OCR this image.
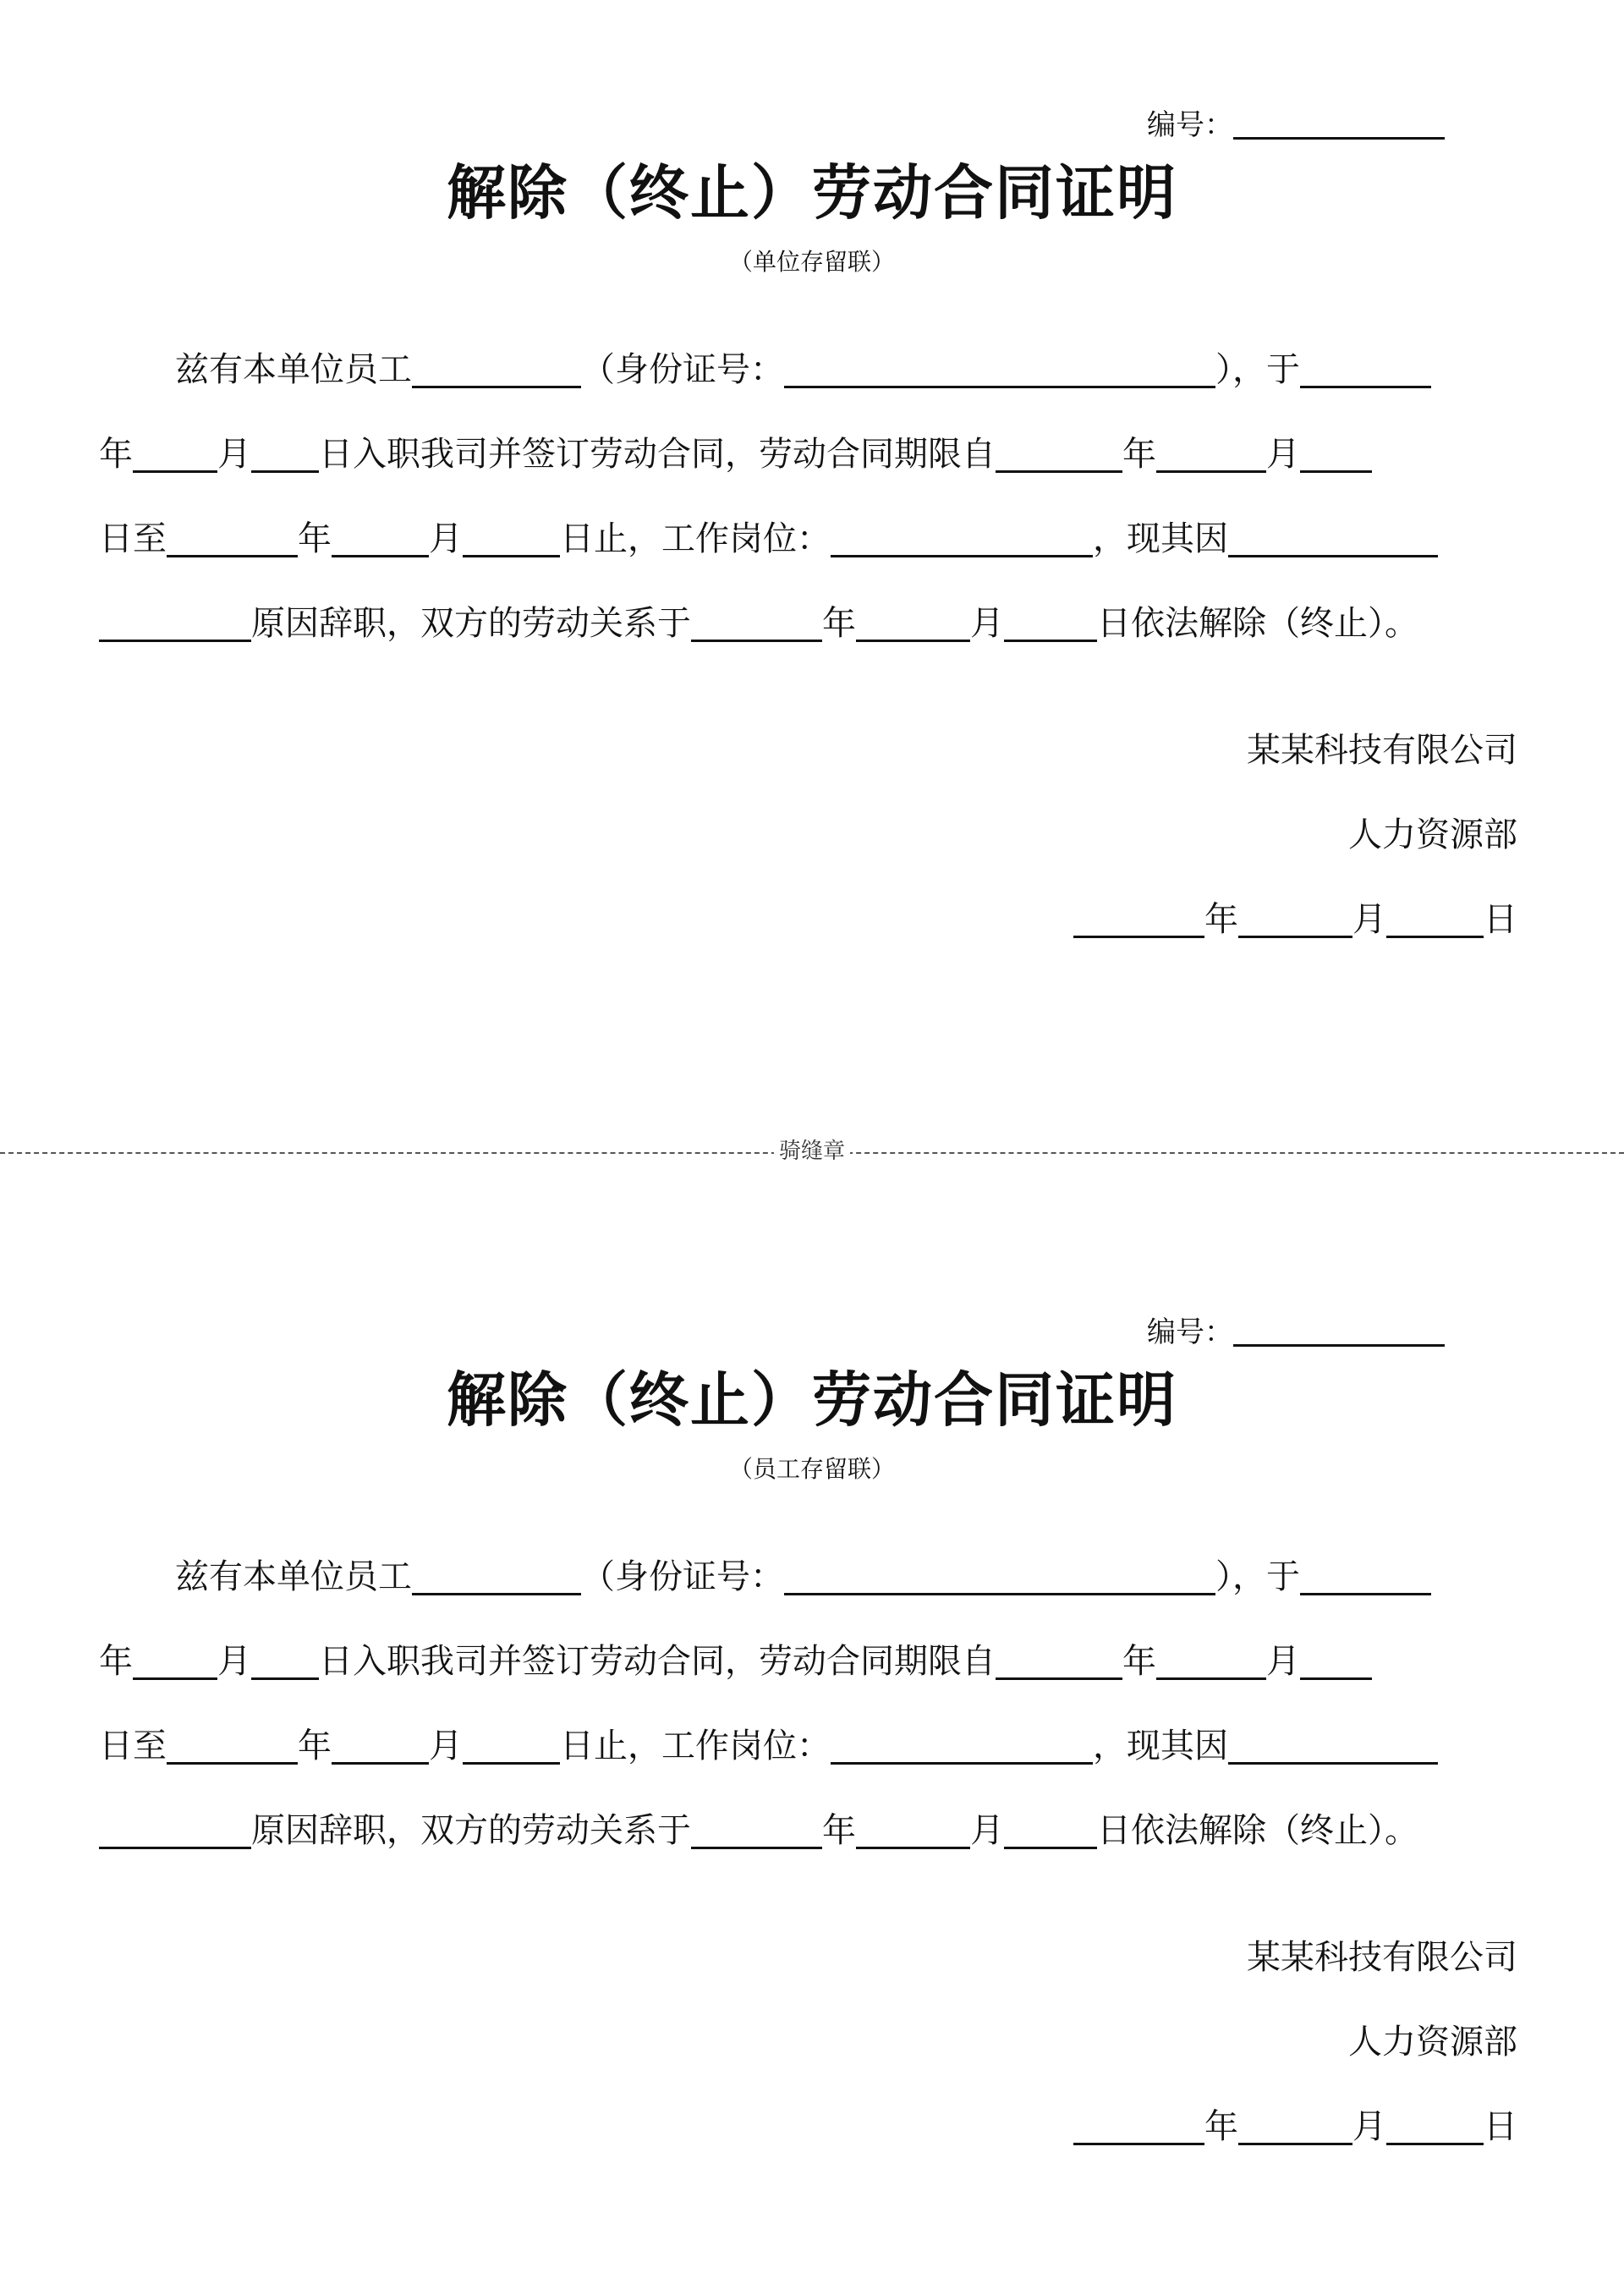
编号：
解除（终止）劳动合同证明
（单位存留联）
兹有本单位员工	（身份证号：	），于
年	月 日入职我司并签订劳动合同，劳动合同期限自	年	月
日至	年	月	日止，工作岗位：	，现其因
原因辞职，双方的劳动关系于	年	月	日依法解除（终止）。
某某科技有限公司
人力资源部
年	月	日
骑缝章
编号：
解除（终止）劳动合同证明
（员工存留联）
兹有本单位员工	（身份证号：	），于
年	月 日入职我司并签订劳动合同，劳动合同期限自	年	月
日至	年	月	日止，工作岗位：	，现其因
原因辞职，双方的劳动关系于	年	月	日依法解除（终止）。
某某科技有限公司
人力资源部
年	月	日
